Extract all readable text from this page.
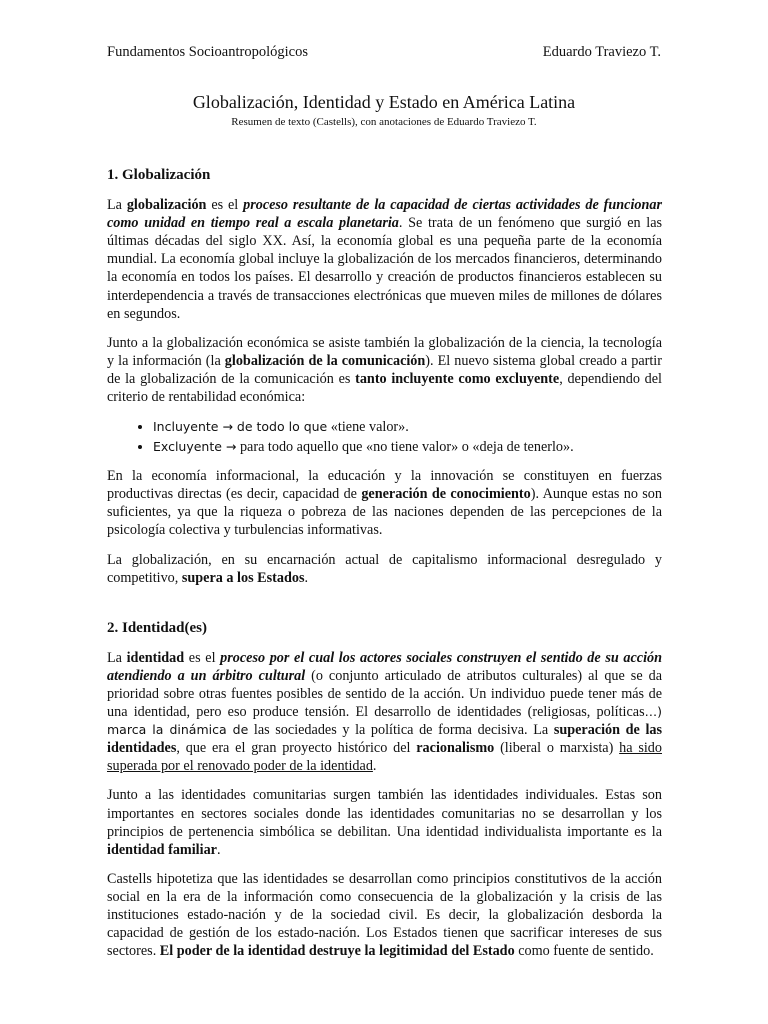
Fundamentos Socioantropológicos	Eduardo Traviezo T.
Globalización, Identidad y Estado en América Latina
Resumen de texto (Castells), con anotaciones de Eduardo Traviezo T.
1. Globalización

La globalización es el proceso resultante de la capacidad de ciertas actividades de funcionar como unidad en tiempo real a escala planetaria. Se trata de un fenómeno que surgió en las últimas décadas del siglo XX. Así, la economía global es una pequeña parte de la economía mundial. La economía global incluye la globalización de los mercados financieros, determinando la economía en todos los países. El desarrollo y creación de productos financieros establecen su interdependencia a través de transacciones electrónicas que mueven miles de millones de dólares en segundos.

Junto a la globalización económica se asiste también la globalización de la ciencia, la tecnología y la información (la globalización de la comunicación). El nuevo sistema global creado a partir de la globalización de la comunicación es tanto incluyente como excluyente, dependiendo del criterio de rentabilidad económica:

• Incluyente → de todo lo que «tiene valor».
• Excluyente → para todo aquello que «no tiene valor» o «deja de tenerlo».

En la economía informacional, la educación y la innovación se constituyen en fuerzas productivas directas (es decir, capacidad de generación de conocimiento). Aunque estas no son suficientes, ya que la riqueza o pobreza de las naciones dependen de las percepciones de la psicología colectiva y turbulencias informativas.

La globalización, en su encarnación actual de capitalismo informacional desregulado y competitivo, supera a los Estados.

2. Identidad(es)

La identidad es el proceso por el cual los actores sociales construyen el sentido de su acción atendiendo a un árbitro cultural (o conjunto articulado de atributos culturales) al que se da prioridad sobre otras fuentes posibles de sentido de la acción. Un individuo puede tener más de una identidad, pero eso produce tensión. El desarrollo de identidades (religiosas, políticas…) marca la dinámica de las sociedades y la política de forma decisiva. La superación de las identidades, que era el gran proyecto histórico del racionalismo (liberal o marxista) ha sido superada por el renovado poder de la identidad.

Junto a las identidades comunitarias surgen también las identidades individuales. Estas son importantes en sectores sociales donde las identidades comunitarias no se desarrollan y los principios de pertenencia simbólica se debilitan. Una identidad individualista importante es la identidad familiar.

Castells hipotetiza que las identidades se desarrollan como principios constitutivos de la acción social en la era de la información como consecuencia de la globalización y la crisis de las instituciones estado-nación y de la sociedad civil. Es decir, la globalización desborda la capacidad de gestión de los estado-nación. Los Estados tienen que sacrificar intereses de sus sectores. El poder de la identidad destruye la legitimidad del Estado como fuente de sentido.
